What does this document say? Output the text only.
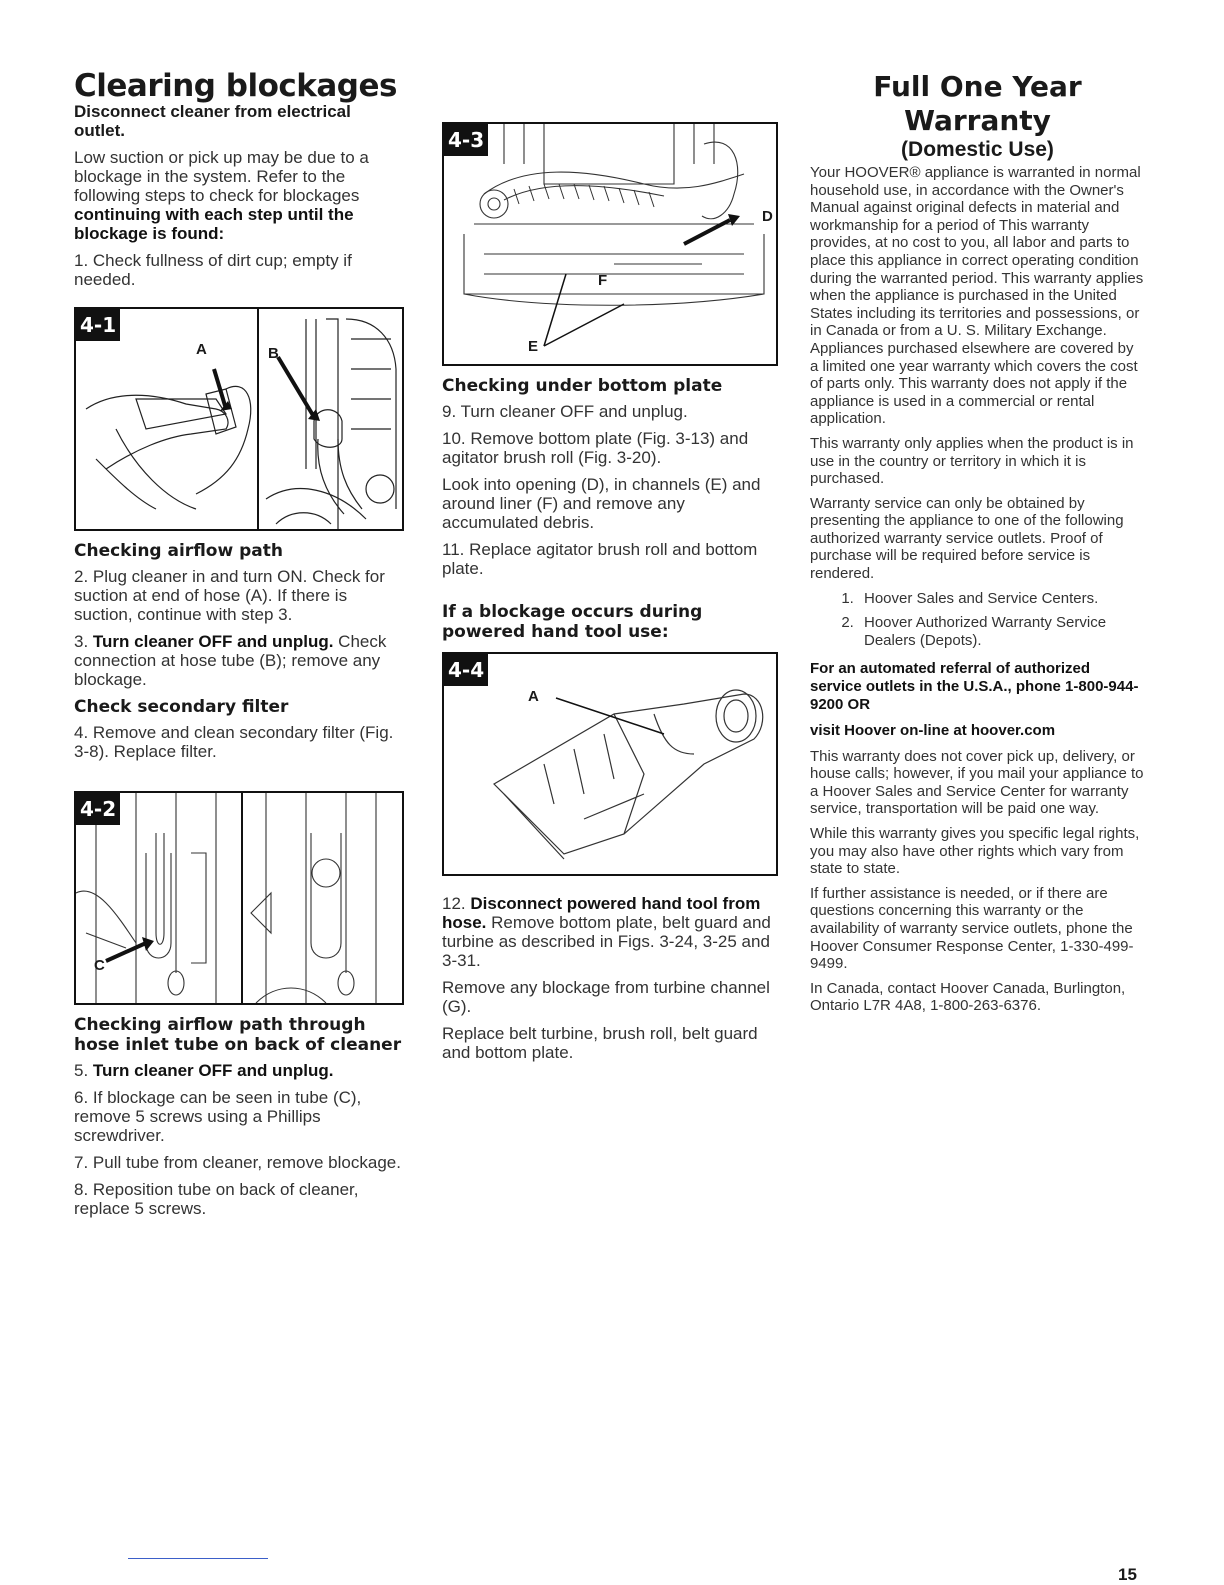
Clearing blockages
Disconnect cleaner from electrical outlet.

Low suction or pick up may be due to a blockage in the system. Refer to the following steps to check for blockages continuing with each step until the blockage is found:

1. Check fullness of dirt cup; empty if needed.

4-1
A	B
Checking airflow path

2. Plug cleaner in and turn ON. Check for suction at end of hose (A). If there is suction, continue with step 3.

3. Turn cleaner OFF and unplug. Check connection at hose tube (B); remove any blockage.

Check secondary filter

4. Remove and clean secondary filter (Fig. 3-8). Replace filter.

4-2
C
Checking airflow path through hose inlet tube on back of cleaner

5. Turn cleaner OFF and unplug.

6. If blockage can be seen in tube (C), remove 5 screws using a Phillips screwdriver.

7. Pull tube from cleaner, remove blockage.

8. Reposition tube on back of cleaner, replace 5 screws.

4-3
D
F
E
Checking under bottom plate

9. Turn cleaner OFF and unplug.

10. Remove bottom plate (Fig. 3-13) and agitator brush roll (Fig. 3-20).

Look into opening (D), in channels (E) and around liner (F) and remove any accumulated debris.

11. Replace agitator brush roll and bottom plate.

If a blockage occurs during powered hand tool use:
4-4
A

12. Disconnect powered hand tool from hose. Remove bottom plate, belt guard and turbine as described in Figs. 3-24, 3-25 and 3-31.

Remove any blockage from turbine channel (G).

Replace belt turbine, brush roll, belt guard and bottom plate.

Full One Year
Warranty
(Domestic Use)

Your HOOVER® appliance is warranted in normal household use, in accordance with the Owner's Manual against original defects in material and workmanship for a period of This warranty provides, at no cost to you, all labor and parts to place this appliance in correct operating condition during the warranted period. This warranty applies when the appliance is purchased in the United States including its territories and possessions, or in Canada or from a U. S. Military Exchange. Appliances purchased elsewhere are covered by a limited one year warranty which covers the cost of parts only. This warranty does not apply if the appliance is used in a commercial or rental application.

This warranty only applies when the product is in use in the country or territory in which it is purchased.

Warranty service can only be obtained by presenting the appliance to one of the following authorized warranty service outlets. Proof of purchase will be required before service is rendered.

1. Hoover Sales and Service Centers.
2. Hoover Authorized Warranty Service Dealers (Depots).

For an automated referral of authorized service outlets in the U.S.A., phone 1-800-944-9200 OR

visit Hoover on-line at hoover.com

This warranty does not cover pick up, delivery, or house calls; however, if you mail your appliance to a Hoover Sales and Service Center for warranty service, transportation will be paid one way.

While this warranty gives you specific legal rights, you may also have other rights which vary from state to state.

If further assistance is needed, or if there are questions concerning this warranty or the availability of warranty service outlets, phone the Hoover Consumer Response Center, 1-330-499-9499.

In Canada, contact Hoover Canada, Burlington, Ontario L7R 4A8, 1-800-263-6376.

15
